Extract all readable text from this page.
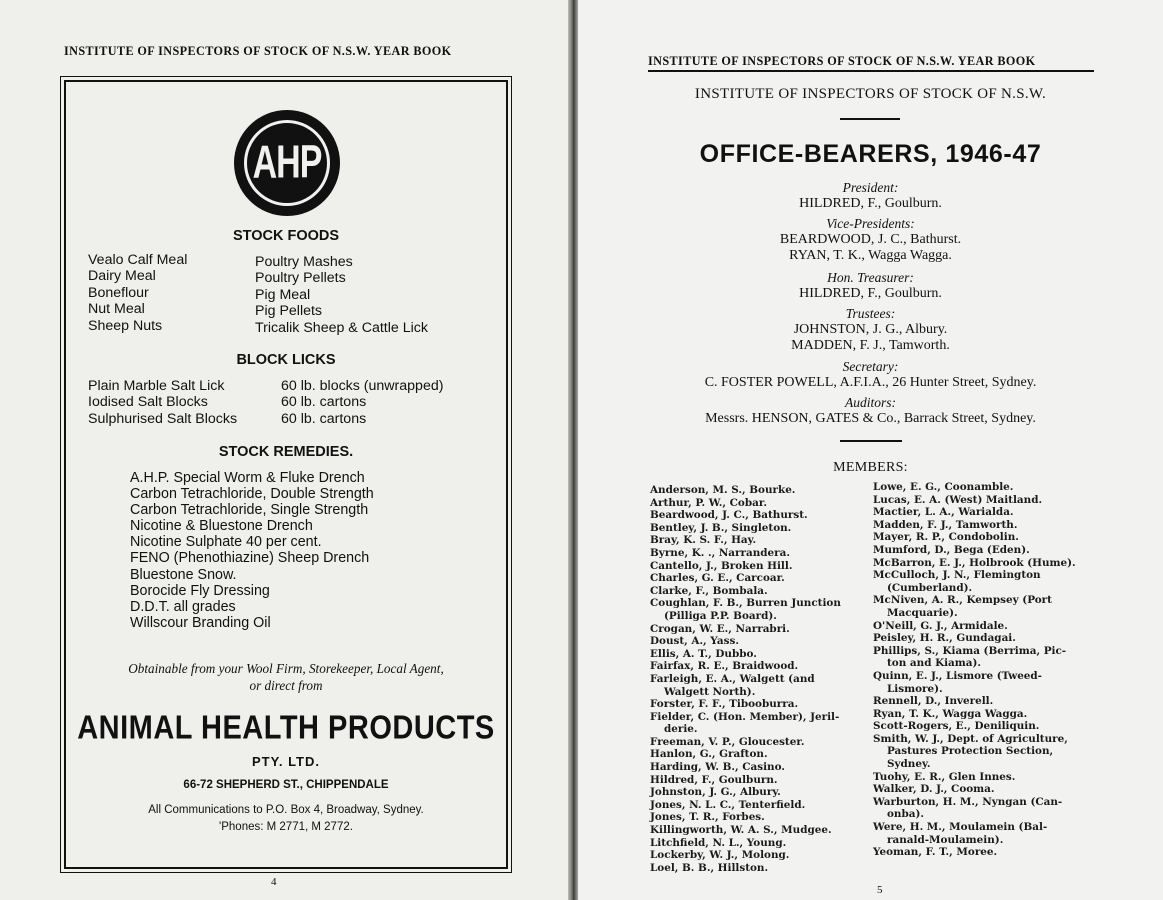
INSTITUTE OF INSPECTORS OF STOCK OF N.S.W. YEAR BOOK
AHP
STOCK FOODS
Vealo Calf Meal
Dairy Meal
Boneflour
Nut Meal
Sheep Nuts
Poultry Mashes
Poultry Pellets
Pig Meal
Pig Pellets
Tricalik Sheep & Cattle Lick
BLOCK LICKS
Plain Marble Salt Lick
Iodised Salt Blocks
Sulphurised Salt Blocks
60 lb. blocks (unwrapped)
60 lb. cartons
60 lb. cartons
STOCK REMEDIES.
A.H.P. Special Worm & Fluke Drench
Carbon Tetrachloride, Double Strength
Carbon Tetrachloride, Single Strength
Nicotine & Bluestone Drench
Nicotine Sulphate 40 per cent.
FENO (Phenothiazine) Sheep Drench
Bluestone Snow.
Borocide Fly Dressing
D.D.T. all grades
Willscour Branding Oil
Obtainable from your Wool Firm, Storekeeper, Local Agent,
or direct from
ANIMAL HEALTH PRODUCTS
PTY. LTD.
66-72 SHEPHERD ST., CHIPPENDALE
All Communications to P.O. Box 4, Broadway, Sydney.
'Phones: M 2771, M 2772.
4
INSTITUTE OF INSPECTORS OF STOCK OF N.S.W. YEAR BOOK
INSTITUTE OF INSPECTORS OF STOCK OF N.S.W.
OFFICE-BEARERS, 1946-47
President:
HILDRED, F., Goulburn.
Vice-Presidents:
BEARDWOOD, J. C., Bathurst.
RYAN, T. K., Wagga Wagga.
Hon. Treasurer:
HILDRED, F., Goulburn.
Trustees:
JOHNSTON, J. G., Albury.
MADDEN, F. J., Tamworth.
Secretary:
C. FOSTER POWELL, A.F.I.A., 26 Hunter Street, Sydney.
Auditors:
Messrs. HENSON, GATES & Co., Barrack Street, Sydney.
MEMBERS:
Anderson, M. S., Bourke.
Arthur, P. W., Cobar.
Beardwood, J. C., Bathurst.
Bentley, J. B., Singleton.
Bray, K. S. F., Hay.
Byrne, K. ., Narrandera.
Cantello, J., Broken Hill.
Charles, G. E., Carcoar.
Clarke, F., Bombala.
Coughlan, F. B., Burren Junction
(Pilliga P.P. Board).
Crogan, W. E., Narrabri.
Doust, A., Yass.
Ellis, A. T., Dubbo.
Fairfax, R. E., Braidwood.
Farleigh, E. A., Walgett (and
Walgett North).
Forster, F. F., Tibooburra.
Fielder, C. (Hon. Member), Jeril-
derie.
Freeman, V. P., Gloucester.
Hanlon, G., Grafton.
Harding, W. B., Casino.
Hildred, F., Goulburn.
Johnston, J. G., Albury.
Jones, N. L. C., Tenterfield.
Jones, T. R., Forbes.
Killingworth, W. A. S., Mudgee.
Litchfield, N. L., Young.
Lockerby, W. J., Molong.
Loel, B. B., Hillston.
Lowe, E. G., Coonamble.
Lucas, E. A. (West) Maitland.
Mactier, L. A., Warialda.
Madden, F. J., Tamworth.
Mayer, R. P., Condobolin.
Mumford, D., Bega (Eden).
McBarron, E. J., Holbrook (Hume).
McCulloch, J. N., Flemington
(Cumberland).
McNiven, A. R., Kempsey (Port
Macquarie).
O'Neill, G. J., Armidale.
Peisley, H. R., Gundagai.
Phillips, S., Kiama (Berrima, Pic-
ton and Kiama).
Quinn, E. J., Lismore (Tweed-
Lismore).
Rennell, D., Inverell.
Ryan, T. K., Wagga Wagga.
Scott-Rogers, E., Deniliquin.
Smith, W. J., Dept. of Agriculture,
Pastures Protection Section,
Sydney.
Tuohy, E. R., Glen Innes.
Walker, D. J., Cooma.
Warburton, H. M., Nyngan (Can-
onba).
Were, H. M., Moulamein (Bal-
ranald-Moulamein).
Yeoman, F. T., Moree.
5
